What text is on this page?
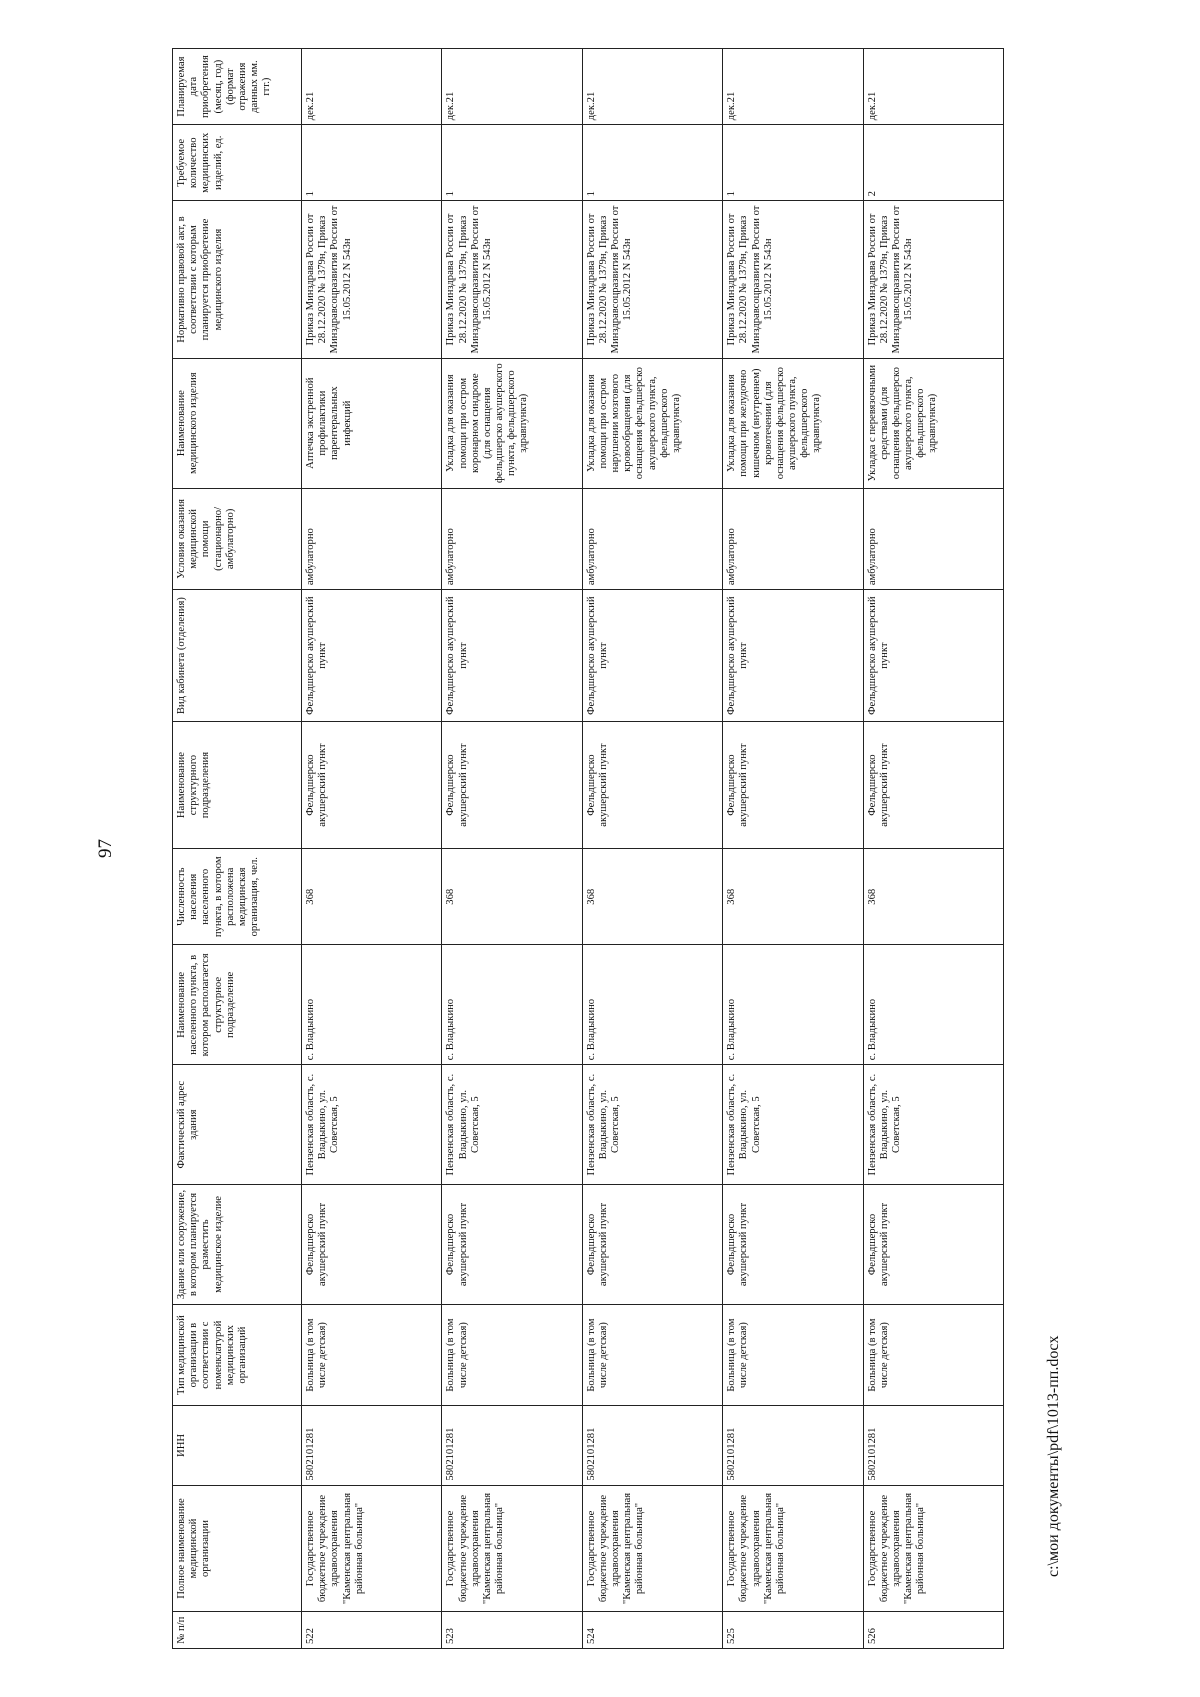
97
№ п/п	Полное наименование медицинской организации	ИНН	Тип медицинской организации в соответствии с номенклатурой медицинских организаций	Здание или сооружение, в котором планируется разместить медицинское изделие	Фактический адрес здания	Наименование населенного пункта, в котором располагается структурное подразделение	Численность населения населенного пункта, в котором расположена медицинская организация, чел.	Наименование структурного подразделения	Вид кабинета (отделения)	Условия оказания медицинской помощи (стационарно/амбулаторно)	Наименование медицинского изделия	Нормативно правовой акт, в соответствии с которым планируется приобретение медицинского изделия	Требуемое количество медицинских изделий, ед.	Планируемая дата приобретения (месяц, год) (формат отражения данных мм. ггг.)
522	Государственное бюджетное учреждение здравоохранения "Каменская центральная районная больница"	5802101281	Больница (в том числе детская)	Фельдшерско акушерский пункт	Пензенская область, с. Владыкино, ул. Советская, 5	с. Владыкино	368	Фельдшерско акушерский пункт	Фельдшерско акушерский пункт	амбулаторно	Аптечка экстренной профилактики парентеральных инфекций	Приказ Минздрава России от 28.12.2020 № 1379н, Приказ Минздравсоцразвития России от 15.05.2012 N 543н	1	дек.21
523	Государственное бюджетное учреждение здравоохранения "Каменская центральная районная больница"	5802101281	Больница (в том числе детская)	Фельдшерско акушерский пункт	Пензенская область, с. Владыкино, ул. Советская, 5	с. Владыкино	368	Фельдшерско акушерский пункт	Фельдшерско акушерский пункт	амбулаторно	Укладка для оказания помощи при остром коронарном синдроме (для оснащения фельдшерско акушерского пункта, фельдшерского здравпункта)	Приказ Минздрава России от 28.12.2020 № 1379н, Приказ Минздравсоцразвития России от 15.05.2012 N 543н	1	дек.21
524	Государственное бюджетное учреждение здравоохранения "Каменская центральная районная больница"	5802101281	Больница (в том числе детская)	Фельдшерско акушерский пункт	Пензенская область, с. Владыкино, ул. Советская, 5	с. Владыкино	368	Фельдшерско акушерский пункт	Фельдшерско акушерский пункт	амбулаторно	Укладка для оказания помощи при остром нарушении мозгового кровообращения (для оснащения фельдшерско акушерского пункта, фельдшерского здравпункта)	Приказ Минздрава России от 28.12.2020 № 1379н, Приказ Минздравсоцразвития России от 15.05.2012 N 543н	1	дек.21
525	Государственное бюджетное учреждение здравоохранения "Каменская центральная районная больница"	5802101281	Больница (в том числе детская)	Фельдшерско акушерский пункт	Пензенская область, с. Владыкино, ул. Советская, 5	с. Владыкино	368	Фельдшерско акушерский пункт	Фельдшерско акушерский пункт	амбулаторно	Укладка для оказания помощи при желудочно кишечном (внутреннем) кровотечении (для оснащения фельдшерско акушерского пункта, фельдшерского здравпункта)	Приказ Минздрава России от 28.12.2020 № 1379н, Приказ Минздравсоцразвития России от 15.05.2012 N 543н	1	дек.21
526	Государственное бюджетное учреждение здравоохранения "Каменская центральная районная больница"	5802101281	Больница (в том числе детская)	Фельдшерско акушерский пункт	Пензенская область, с. Владыкино, ул. Советская, 5	с. Владыкино	368	Фельдшерско акушерский пункт	Фельдшерско акушерский пункт	амбулаторно	Укладка с перевязочными средствами (для оснащения фельдшерско акушерского пункта, фельдшерского здравпункта)	Приказ Минздрава России от 28.12.2020 № 1379н, Приказ Минздравсоцразвития России от 15.05.2012 N 543н	2	дек.21
c:\мои документы\pdf\1013-пп.docx
